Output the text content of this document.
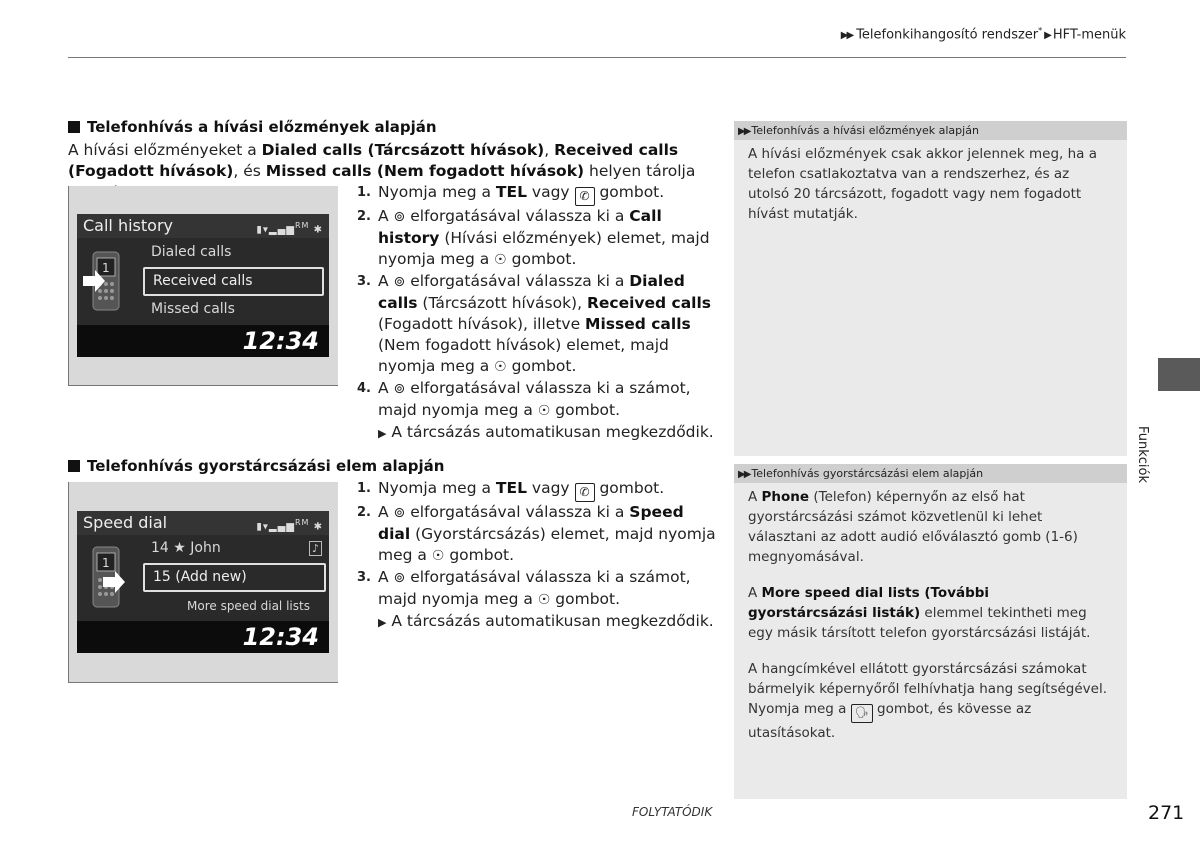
▶▶ Telefonkihangosító rendszer* ▶ HFT-menük
Telefonhívás a hívási előzmények alapján
A hívási előzményeket a Dialed calls (Tárcsázott hívások), Received calls (Fogadott hívások), és Missed calls (Nem fogadott hívások) helyen tárolja
Call history	▮▾▂▄▆$^{RM}$ ✱
1
Dialed calls
Received calls
Missed calls
12:34
1. Nyomja meg a TEL vagy ✆ gombot.
2. A ⊚ elforgatásával válassza ki a Call history (Hívási előzmények) elemet, majd nyomja meg a ☉ gombot.
3. A ⊚ elforgatásával válassza ki a Dialed calls (Tárcsázott hívások), Received calls (Fogadott hívások), illetve Missed calls (Nem fogadott hívások) elemet, majd nyomja meg a ☉ gombot.
4. A ⊚ elforgatásával válassza ki a számot, majd nyomja meg a ☉ gombot.
▶ A tárcsázás automatikusan megkezdődik.
Telefonhívás gyorstárcsázási elem alapján
Speed dial	▮▾▂▄▆$^{RM}$ ✱
1
14 ★ John	♪
15 (Add new)
More speed dial lists
12:34
1. Nyomja meg a TEL vagy ✆ gombot.
2. A ⊚ elforgatásával válassza ki a Speed dial (Gyorstárcsázás) elemet, majd nyomja meg a ☉ gombot.
3. A ⊚ elforgatásával válassza ki a számot, majd nyomja meg a ☉ gombot.
▶ A tárcsázás automatikusan megkezdődik.
▶▶ Telefonhívás a hívási előzmények alapján
A hívási előzmények csak akkor jelennek meg, ha a telefon csatlakoztatva van a rendszerhez, és az utolsó 20 tárcsázott, fogadott vagy nem fogadott hívást mutatják.
▶▶ Telefonhívás gyorstárcsázási elem alapján
A Phone (Telefon) képernyőn az első hat gyorstárcsázási számot közvetlenül ki lehet választani az adott audió előválasztó gomb (1-6) megnyomásával.
A More speed dial lists (További gyorstárcsázási listák) elemmel tekintheti meg egy másik társított telefon gyorstárcsázási listáját.
A hangcímkével ellátott gyorstárcsázási számokat bármelyik képernyőről felhívhatja hang segítségével. Nyomja meg a 🗣 gombot, és kövesse az utasításokat.
Funkciók
FOLYTATÓDIK	271
